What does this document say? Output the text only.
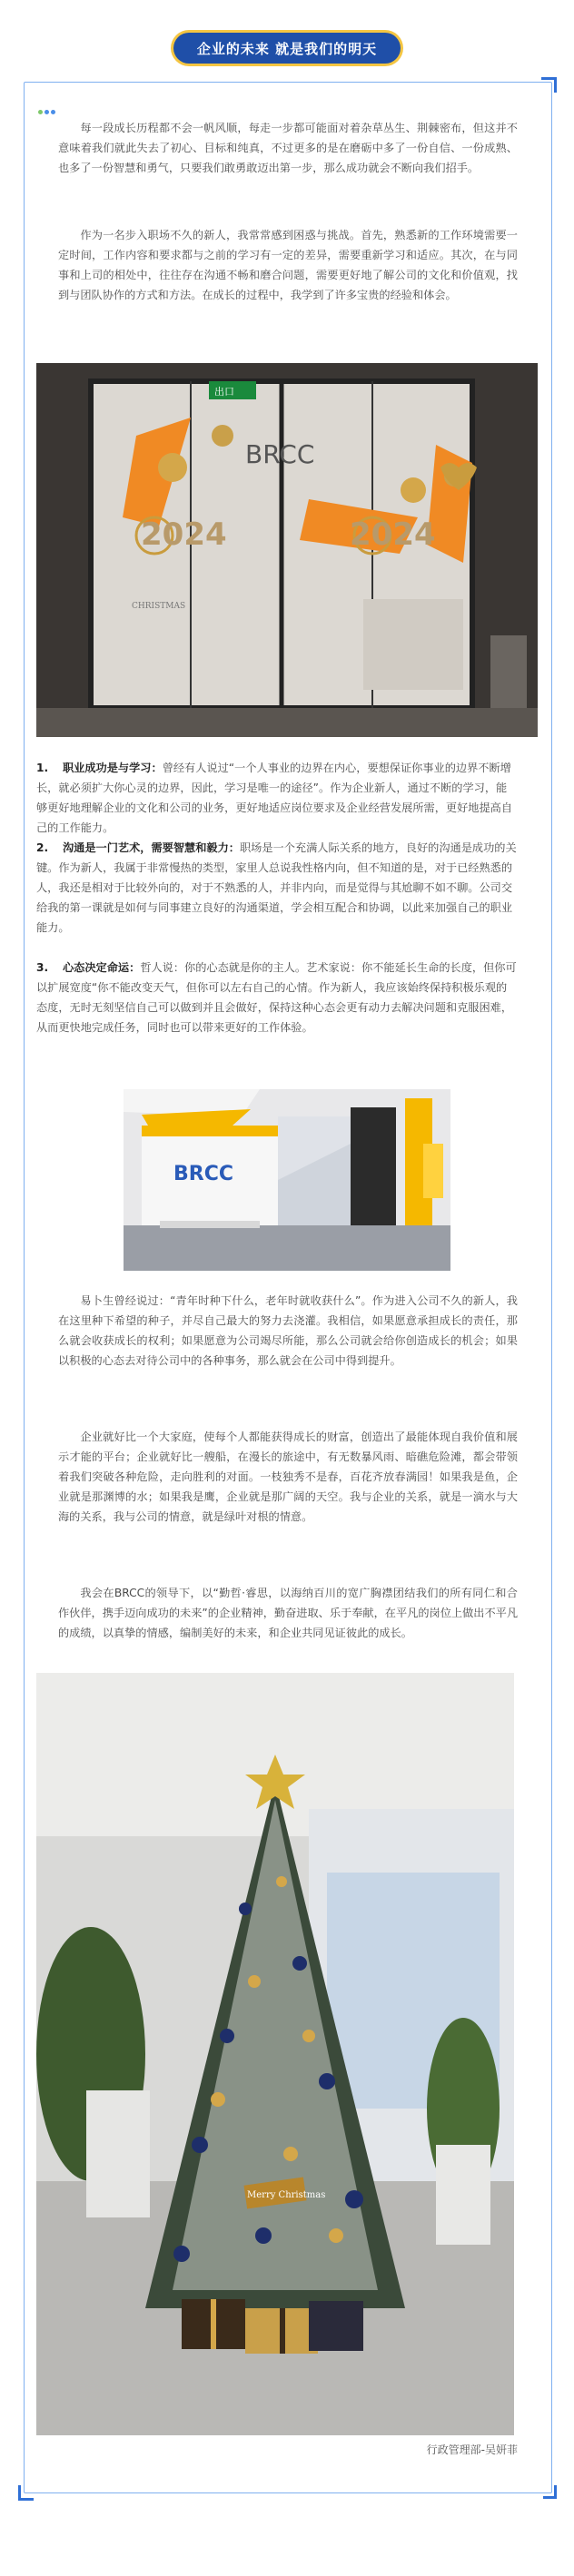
企业的未来 就是我们的明天

每一段成长历程都不会一帆风顺，每走一步都可能面对着杂草丛生、荆棘密布，但这并不意味着我们就此失去了初心、目标和纯真，不过更多的是在磨砺中多了一份自信、一份成熟、也多了一份智慧和勇气，只要我们敢勇敢迈出第一步，那么成功就会不断向我们招手。

作为一名步入职场不久的新人，我常常感到困惑与挑战。首先，熟悉新的工作环境需要一定时间，工作内容和要求都与之前的学习有一定的差异，需要重新学习和适应。其次，在与同事和上司的相处中，往往存在沟通不畅和磨合问题，需要更好地了解公司的文化和价值观，找到与团队协作的方式和方法。在成长的过程中，我学到了许多宝贵的经验和体会。

2024	2024
出口
BRCC
CHRISTMAS
1. 职业成功是与学习：曾经有人说过“一个人事业的边界在内心，要想保证你事业的边界不断增长，就必须扩大你心灵的边界，因此，学习是唯一的途径”。作为企业新人，通过不断的学习，能够更好地理解企业的文化和公司的业务，更好地适应岗位要求及企业经营发展所需，更好地提高自己的工作能力。
2. 沟通是一门艺术，需要智慧和毅力：职场是一个充满人际关系的地方，良好的沟通是成功的关键。作为新人，我属于非常慢热的类型，家里人总说我性格内向，但不知道的是，对于已经熟悉的人，我还是相对于比较外向的，对于不熟悉的人，并非内向，而是觉得与其尬聊不如不聊。公司交给我的第一课就是如何与同事建立良好的沟通渠道，学会相互配合和协调，以此来加强自己的职业能力。
3. 心态决定命运：哲人说：你的心态就是你的主人。艺术家说：你不能延长生命的长度，但你可以扩展宽度“你不能改变天气，但你可以左右自己的心情。作为新人，我应该始终保持积极乐观的态度，无时无刻坚信自己可以做到并且会做好，保持这种心态会更有动力去解决问题和克服困难，从而更快地完成任务，同时也可以带来更好的工作体验。
BRCC

易卜生曾经说过：“青年时种下什么，老年时就收获什么”。作为进入公司不久的新人，我在这里种下希望的种子，并尽自己最大的努力去浇灌。我相信，如果愿意承担成长的责任，那么就会收获成长的权利；如果愿意为公司竭尽所能，那么公司就会给你创造成长的机会；如果以积极的心态去对待公司中的各种事务，那么就会在公司中得到提升。

企业就好比一个大家庭，使每个人都能获得成长的财富，创造出了最能体现自我价值和展示才能的平台；企业就好比一艘船，在漫长的旅途中，有无数暴风雨、暗礁危险滩，都会带领着我们突破各种危险，走向胜利的对面。一枝独秀不是春，百花齐放春满园！如果我是鱼，企业就是那渊博的水；如果我是鹰，企业就是那广阔的天空。我与企业的关系，就是一滴水与大海的关系，我与公司的情意，就是绿叶对根的情意。

我会在BRCC的领导下，以“勤哲·睿思，以海纳百川的宽广胸襟团结我们的所有同仁和合作伙伴，携手迈向成功的未来”的企业精神，勤奋进取、乐于奉献，在平凡的岗位上做出不平凡的成绩，以真挚的情感，编制美好的未来，和企业共同见证彼此的成长。

Merry Christmas
行政管理部-吴妍菲
